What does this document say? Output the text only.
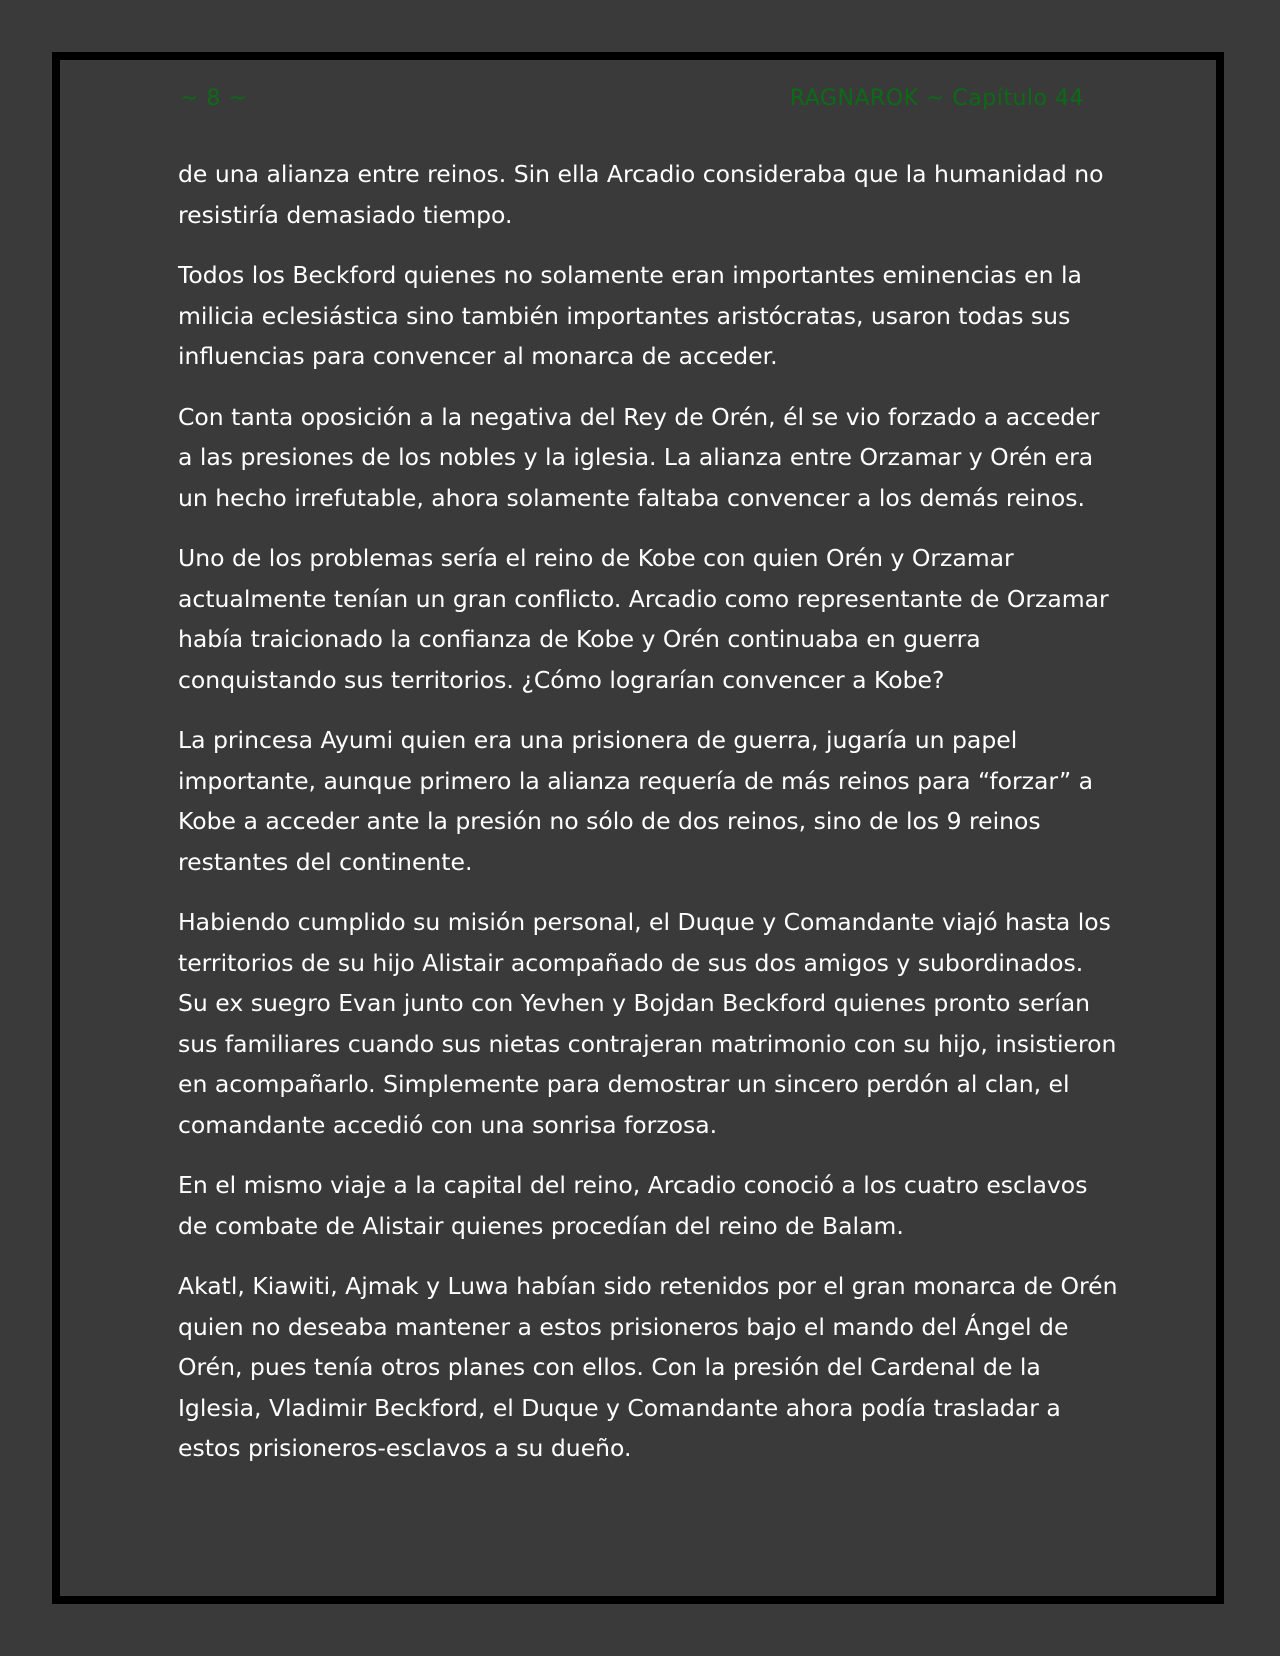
~ 8 ~	RAGNAROK ~ Capítulo 44

de una alianza entre reinos. Sin ella Arcadio consideraba que la humanidad no resistiría demasiado tiempo.

Todos los Beckford quienes no solamente eran importantes eminencias en la milicia eclesiástica sino también importantes aristócratas, usaron todas sus influencias para convencer al monarca de acceder.

Con tanta oposición a la negativa del Rey de Orén, él se vio forzado a acceder a las presiones de los nobles y la iglesia. La alianza entre Orzamar y Orén era un hecho irrefutable, ahora solamente faltaba convencer a los demás reinos.

Uno de los problemas sería el reino de Kobe con quien Orén y Orzamar actualmente tenían un gran conflicto. Arcadio como representante de Orzamar había traicionado la confianza de Kobe y Orén continuaba en guerra conquistando sus territorios. ¿Cómo lograrían convencer a Kobe?

La princesa Ayumi quien era una prisionera de guerra, jugaría un papel importante, aunque primero la alianza requería de más reinos para “forzar” a Kobe a acceder ante la presión no sólo de dos reinos, sino de los 9 reinos restantes del continente.

Habiendo cumplido su misión personal, el Duque y Comandante viajó hasta los territorios de su hijo Alistair acompañado de sus dos amigos y subordinados. Su ex suegro Evan junto con Yevhen y Bojdan Beckford quienes pronto serían sus familiares cuando sus nietas contrajeran matrimonio con su hijo, insistieron en acompañarlo. Simplemente para demostrar un sincero perdón al clan, el comandante accedió con una sonrisa forzosa.

En el mismo viaje a la capital del reino, Arcadio conoció a los cuatro esclavos de combate de Alistair quienes procedían del reino de Balam.

Akatl, Kiawiti, Ajmak y Luwa habían sido retenidos por el gran monarca de Orén quien no deseaba mantener a estos prisioneros bajo el mando del Ángel de Orén, pues tenía otros planes con ellos. Con la presión del Cardenal de la Iglesia, Vladimir Beckford, el Duque y Comandante ahora podía trasladar a estos prisioneros-esclavos a su dueño.
